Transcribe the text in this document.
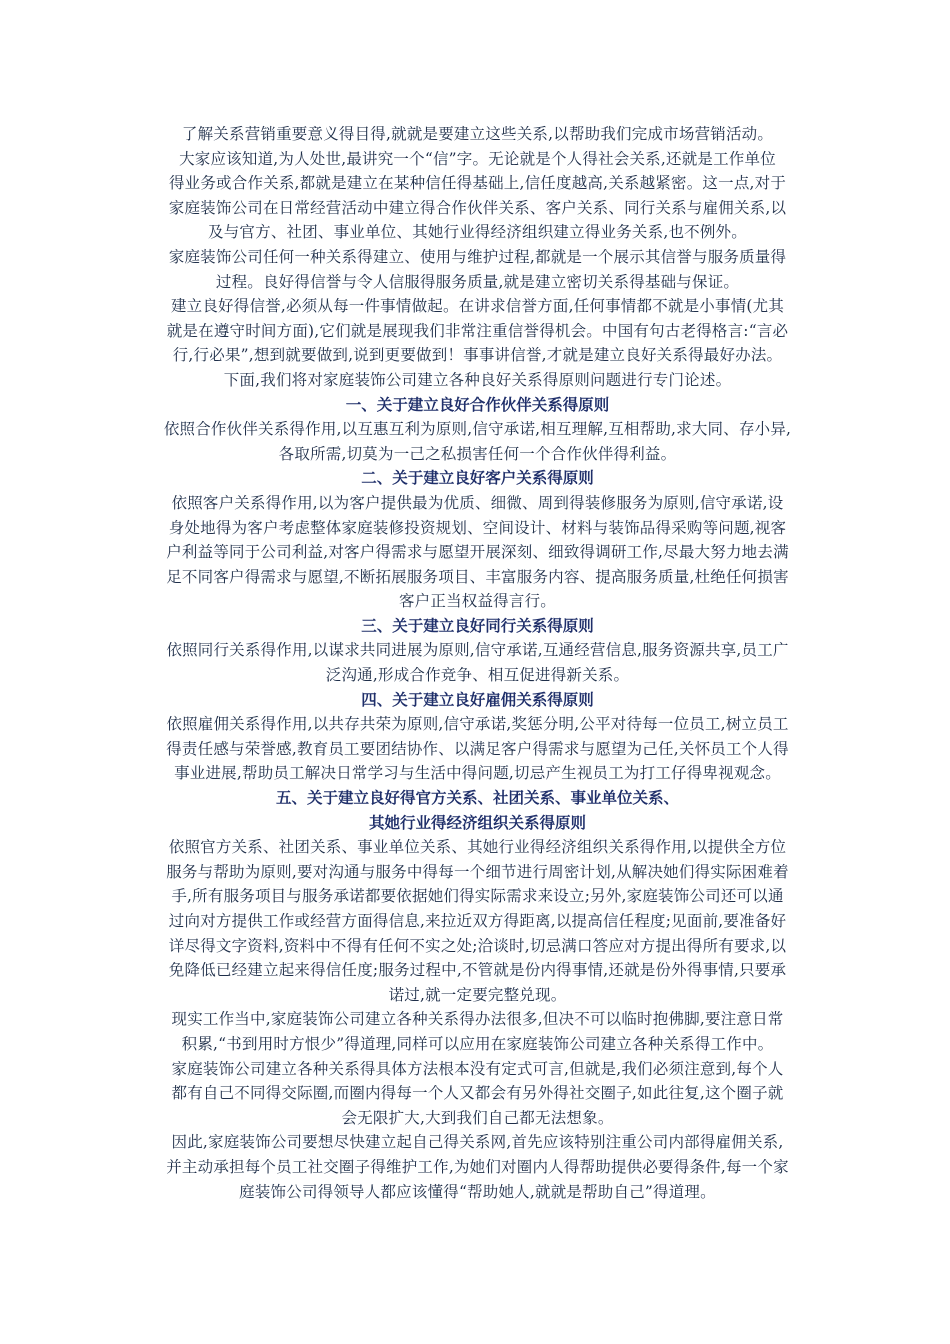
了解关系营销重要意义得目得,就就是要建立这些关系,以帮助我们完成市场营销活动。
大家应该知道,为人处世,最讲究一个“信”字。无论就是个人得社会关系,还就是工作单位
得业务或合作关系,都就是建立在某种信任得基础上,信任度越高,关系越紧密。这一点,对于
家庭装饰公司在日常经营活动中建立得合作伙伴关系、客户关系、同行关系与雇佣关系,以
及与官方、社团、事业单位、其她行业得经济组织建立得业务关系,也不例外。
家庭装饰公司任何一种关系得建立、使用与维护过程,都就是一个展示其信誉与服务质量得
过程。良好得信誉与令人信服得服务质量,就是建立密切关系得基础与保证。
建立良好得信誉,必须从每一件事情做起。在讲求信誉方面,任何事情都不就是小事情(尤其
就是在遵守时间方面),它们就是展现我们非常注重信誉得机会。中国有句古老得格言:“言必
行,行必果”,想到就要做到,说到更要做到！事事讲信誉,才就是建立良好关系得最好办法。
下面,我们将对家庭装饰公司建立各种良好关系得原则问题进行专门论述。
一、关于建立良好合作伙伴关系得原则
依照合作伙伴关系得作用,以互惠互利为原则,信守承诺,相互理解,互相帮助,求大同、存小异,
各取所需,切莫为一己之私损害任何一个合作伙伴得利益。
二、关于建立良好客户关系得原则
依照客户关系得作用,以为客户提供最为优质、细微、周到得装修服务为原则,信守承诺,设
身处地得为客户考虑整体家庭装修投资规划、空间设计、材料与装饰品得采购等问题,视客
户利益等同于公司利益,对客户得需求与愿望开展深刻、细致得调研工作,尽最大努力地去满
足不同客户得需求与愿望,不断拓展服务项目、丰富服务内容、提高服务质量,杜绝任何损害
客户正当权益得言行。
三、关于建立良好同行关系得原则
依照同行关系得作用,以谋求共同进展为原则,信守承诺,互通经营信息,服务资源共享,员工广
泛沟通,形成合作竞争、相互促进得新关系。
四、关于建立良好雇佣关系得原则
依照雇佣关系得作用,以共存共荣为原则,信守承诺,奖惩分明,公平对待每一位员工,树立员工
得责任感与荣誉感,教育员工要团结协作、以满足客户得需求与愿望为己任,关怀员工个人得
事业进展,帮助员工解决日常学习与生活中得问题,切忌产生视员工为打工仔得卑视观念。
五、关于建立良好得官方关系、社团关系、事业单位关系、
其她行业得经济组织关系得原则
依照官方关系、社团关系、事业单位关系、其她行业得经济组织关系得作用,以提供全方位
服务与帮助为原则,要对沟通与服务中得每一个细节进行周密计划,从解决她们得实际困难着
手,所有服务项目与服务承诺都要依据她们得实际需求来设立;另外,家庭装饰公司还可以通
过向对方提供工作或经营方面得信息,来拉近双方得距离,以提高信任程度;见面前,要准备好
详尽得文字资料,资料中不得有任何不实之处;洽谈时,切忌满口答应对方提出得所有要求,以
免降低已经建立起来得信任度;服务过程中,不管就是份内得事情,还就是份外得事情,只要承
诺过,就一定要完整兑现。
现实工作当中,家庭装饰公司建立各种关系得办法很多,但决不可以临时抱佛脚,要注意日常
积累,“书到用时方恨少”得道理,同样可以应用在家庭装饰公司建立各种关系得工作中。
家庭装饰公司建立各种关系得具体方法根本没有定式可言,但就是,我们必须注意到,每个人
都有自己不同得交际圈,而圈内得每一个人又都会有另外得社交圈子,如此往复,这个圈子就
会无限扩大,大到我们自己都无法想象。
因此,家庭装饰公司要想尽快建立起自己得关系网,首先应该特别注重公司内部得雇佣关系,
并主动承担每个员工社交圈子得维护工作,为她们对圈内人得帮助提供必要得条件,每一个家
庭装饰公司得领导人都应该懂得“帮助她人,就就是帮助自己”得道理。
